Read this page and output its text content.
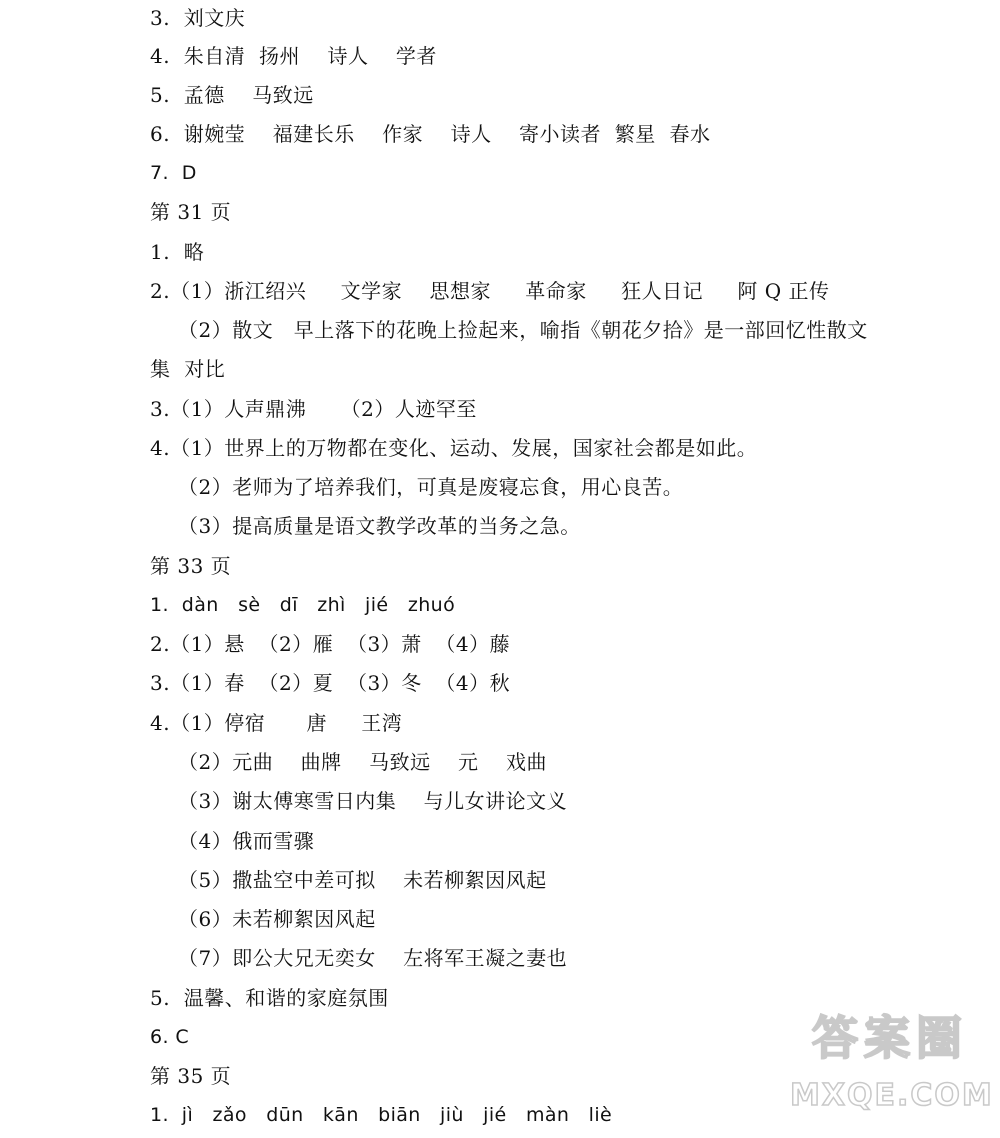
3.  刘文庆
4.  朱自清  扬州    诗人    学者
5.  孟德    马致远
6.  谢婉莹    福建长乐    作家    诗人    寄小读者  繁星  春水
7.  D
第 31 页
1.  略
2.（1）浙江绍兴     文学家    思想家     革命家     狂人日记     阿 Q 正传
（2）散文   早上落下的花晚上捡起来，喻指《朝花夕拾》是一部回忆性散文
集  对比
3.（1）人声鼎沸     （2）人迹罕至
4.（1）世界上的万物都在变化、运动、发展，国家社会都是如此。
（2）老师为了培养我们，可真是废寝忘食，用心良苦。
（3）提高质量是语文教学改革的当务之急。
第 33 页
1.  dàn   sè   dī   zhì   jié   zhuó
2.（1）悬  （2）雁  （3）萧  （4）藤
3.（1）春  （2）夏  （3）冬  （4）秋
4.（1）停宿      唐     王湾
（2）元曲    曲牌    马致远    元    戏曲
（3）谢太傅寒雪日内集    与儿女讲论文义
（4）俄而雪骤
（5）撒盐空中差可拟    未若柳絮因风起
（6）未若柳絮因风起
（7）即公大兄无奕女    左将军王凝之妻也
5.  温馨、和谐的家庭氛围
6. C
第 35 页
1.  jì   zǎo   dūn   kān   biān   jiù   jié   màn   liè
答案圈
MXQE.COM
